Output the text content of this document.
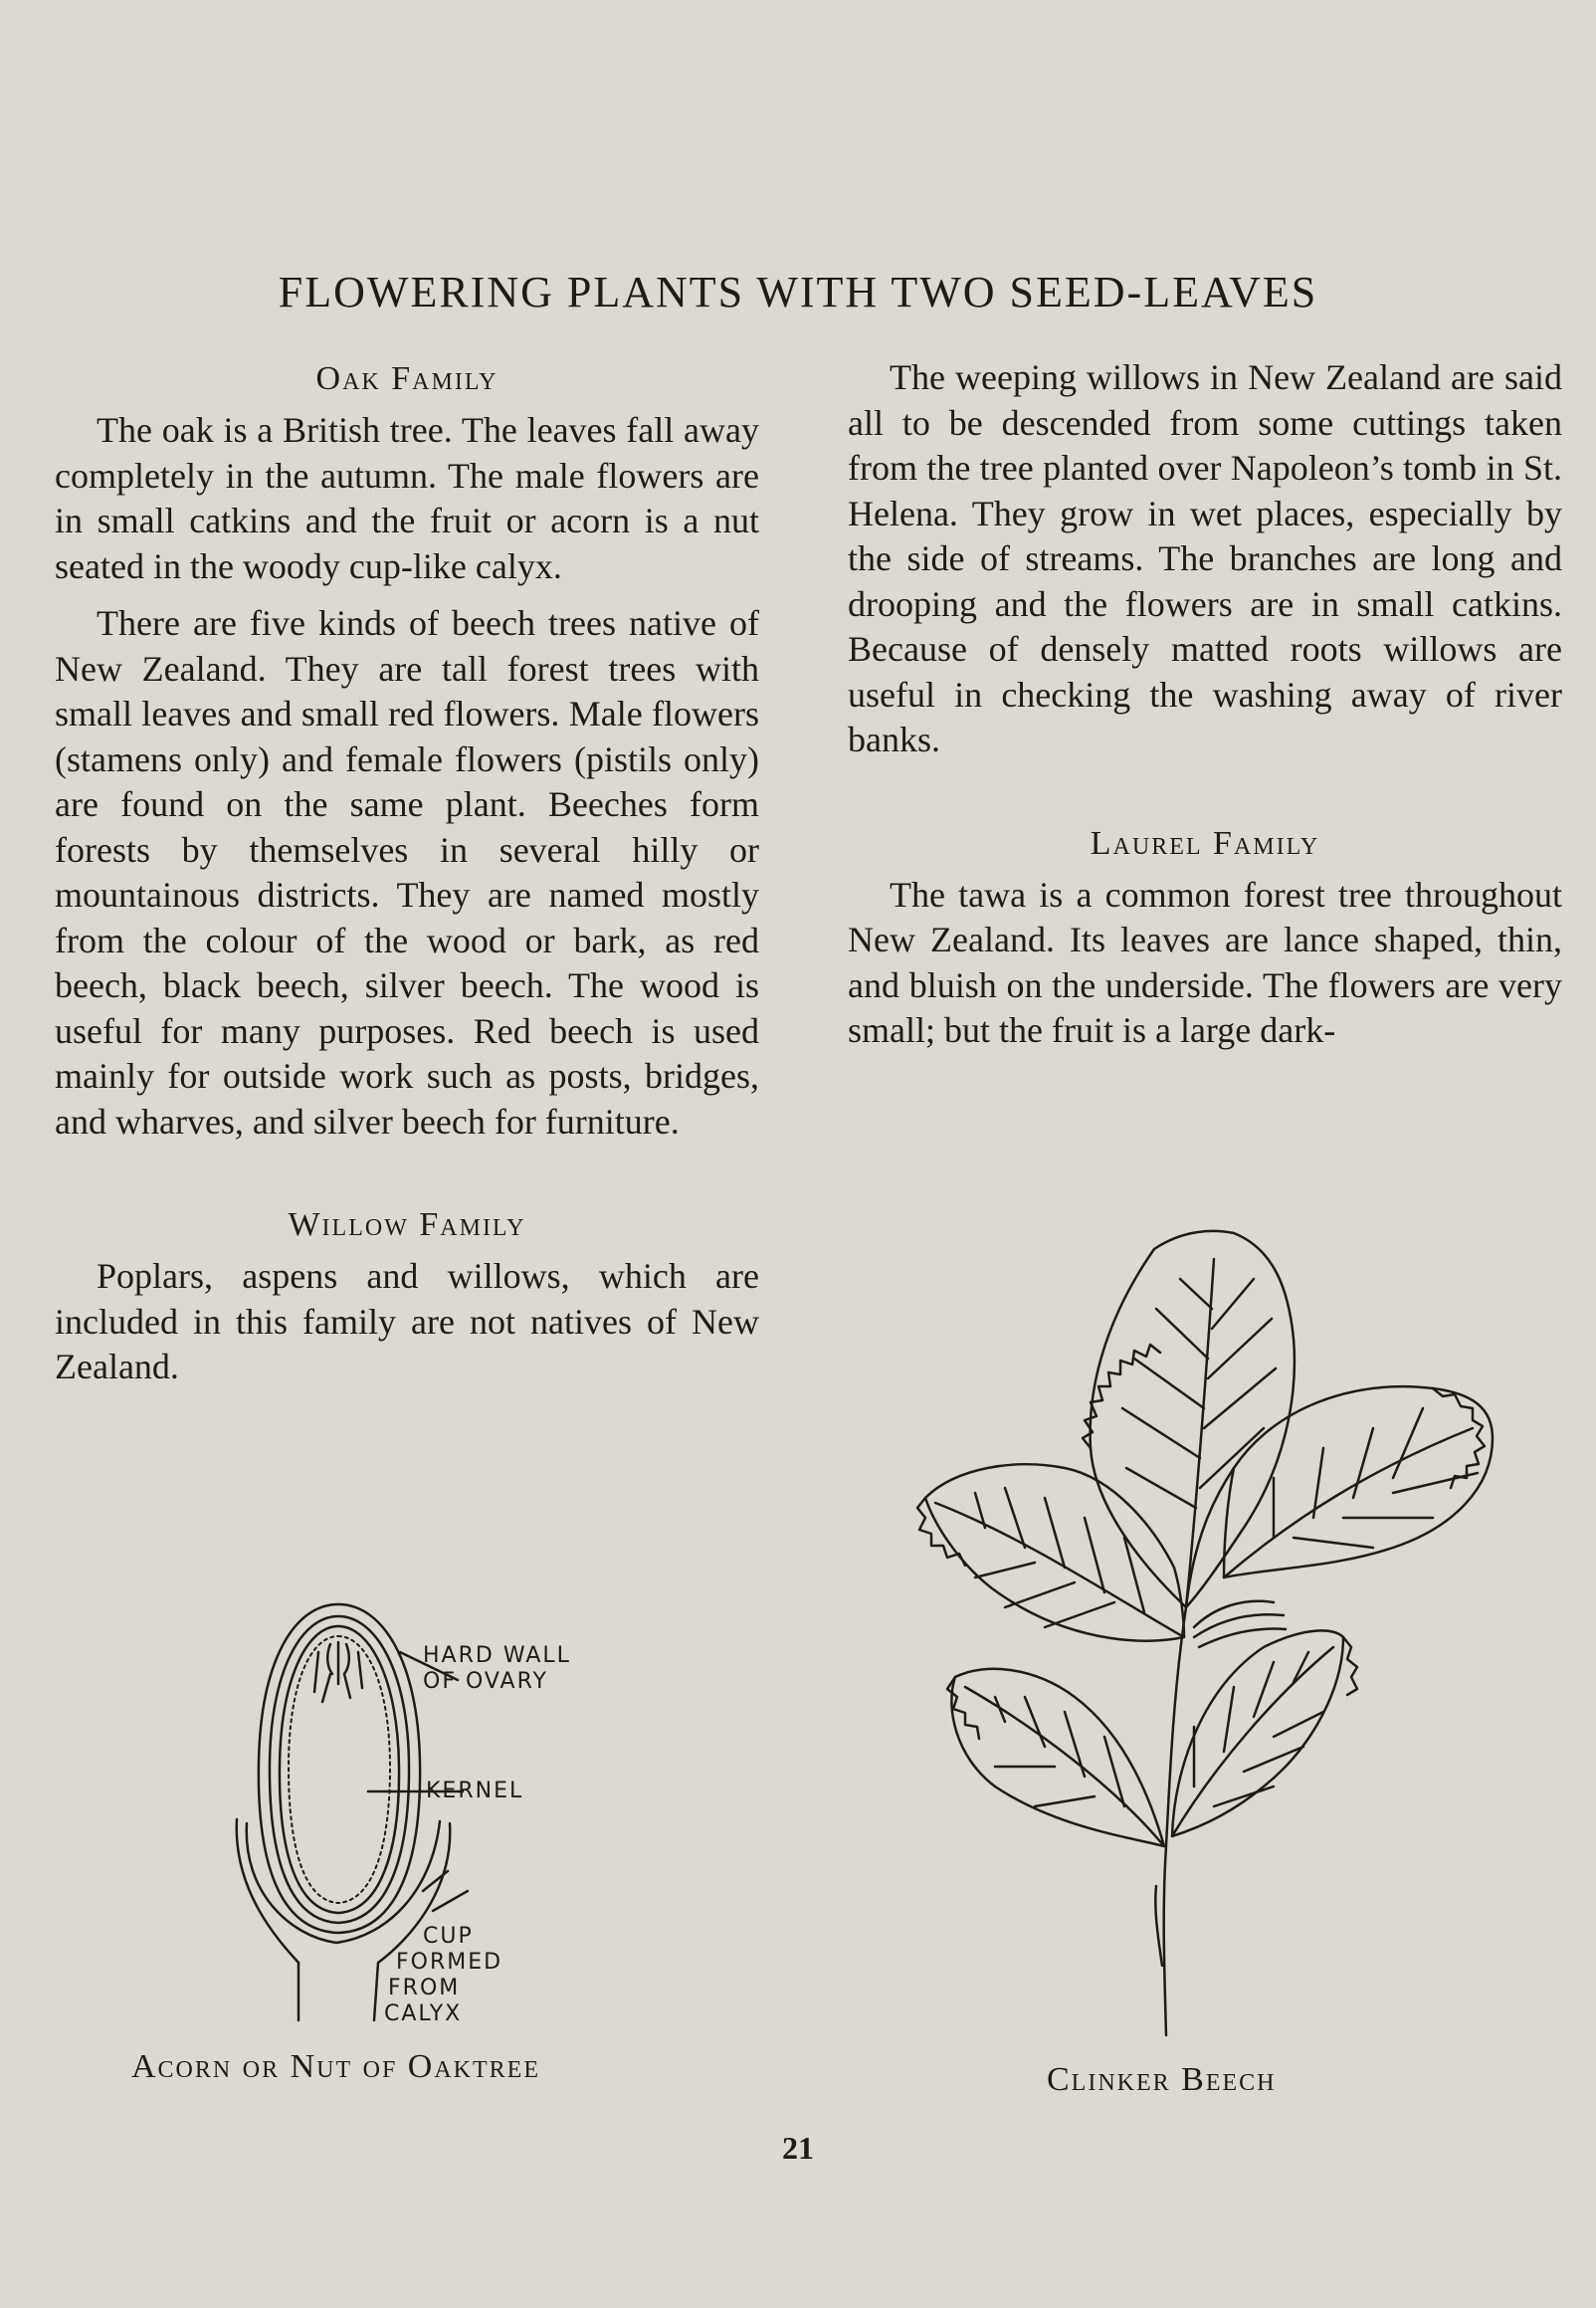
FLOWERING PLANTS WITH TWO SEED-LEAVES
Oak Family

The oak is a British tree. The leaves fall away completely in the autumn. The male flowers are in small catkins and the fruit or acorn is a nut seated in the woody cup-like calyx.

There are five kinds of beech trees native of New Zealand. They are tall forest trees with small leaves and small red flowers. Male flowers (stamens only) and female flowers (pistils only) are found on the same plant. Beeches form forests by themselves in several hilly or mountainous districts. They are named mostly from the colour of the wood or bark, as red beech, black beech, silver beech. The wood is useful for many purposes. Red beech is used mainly for outside work such as posts, bridges, and wharves, and silver beech for furniture.

Willow Family

Poplars, aspens and willows, which are included in this family are not natives of New Zealand.

The weeping willows in New Zealand are said all to be descended from some cuttings taken from the tree planted over Napoleon’s tomb in St. Helena. They grow in wet places, especially by the side of streams. The branches are long and drooping and the flowers are in small catkins. Because of densely matted roots willows are useful in checking the washing away of river banks.

Laurel Family

The tawa is a common forest tree throughout New Zealand. Its leaves are lance shaped, thin, and bluish on the underside. The flowers are very small; but the fruit is a large dark-

HARD WALL
OF OVARY
KERNEL
CUP
FORMED
FROM
CALYX

Acorn or Nut of Oaktree	Clinker Beech

21
